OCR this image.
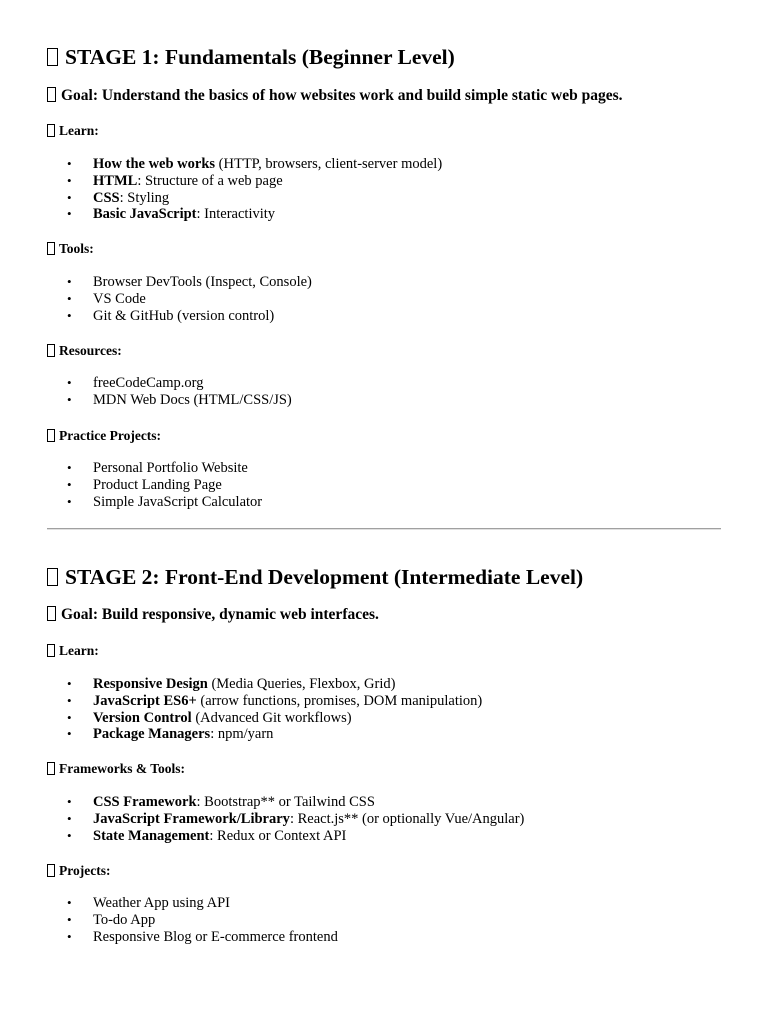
STAGE 1: Fundamentals (Beginner Level)
Goal: Understand the basics of how websites work and build simple static web pages.
Learn:
• How the web works (HTTP, browsers, client-server model)
• HTML: Structure of a web page
• CSS: Styling
• Basic JavaScript: Interactivity
Tools:
• Browser DevTools (Inspect, Console)
• VS Code
• Git & GitHub (version control)
Resources:
• freeCodeCamp.org
• MDN Web Docs (HTML/CSS/JS)
Practice Projects:
• Personal Portfolio Website
• Product Landing Page
• Simple JavaScript Calculator
STAGE 2: Front-End Development (Intermediate Level)
Goal: Build responsive, dynamic web interfaces.
Learn:
• Responsive Design (Media Queries, Flexbox, Grid)
• JavaScript ES6+ (arrow functions, promises, DOM manipulation)
• Version Control (Advanced Git workflows)
• Package Managers: npm/yarn
Frameworks & Tools:
• CSS Framework: Bootstrap** or Tailwind CSS
• JavaScript Framework/Library: React.js** (or optionally Vue/Angular)
• State Management: Redux or Context API
Projects:
• Weather App using API
• To-do App
• Responsive Blog or E-commerce frontend
